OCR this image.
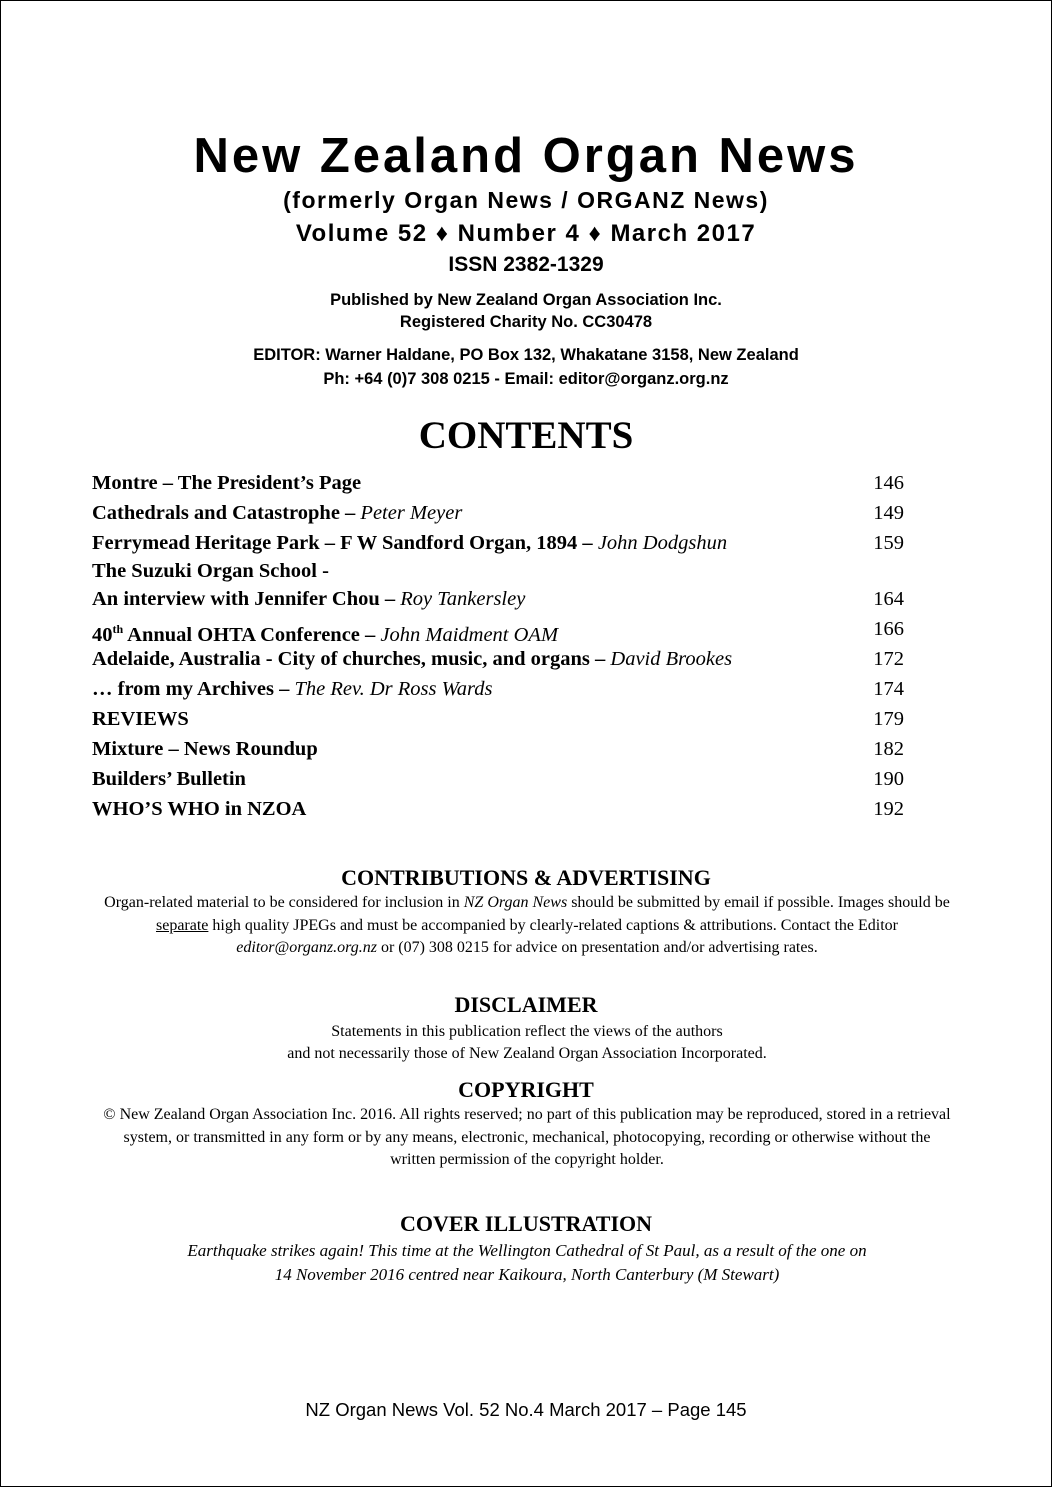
New Zealand Organ News
(formerly Organ News / ORGANZ News)
Volume 52 ♦ Number 4 ♦ March 2017
ISSN 2382-1329
Published by New Zealand Organ Association Inc.
Registered Charity No. CC30478
EDITOR: Warner Haldane, PO Box 132, Whakatane 3158, New Zealand
Ph: +64 (0)7 308 0215 - Email: editor@organz.org.nz
CONTENTS
Montre – The President’s Page	146
Cathedrals and Catastrophe – Peter Meyer	149
Ferrymead Heritage Park – F W Sandford Organ, 1894 – John Dodgshun	159
The Suzuki Organ School -
An interview with Jennifer Chou – Roy Tankersley	164
40th Annual OHTA Conference – John Maidment OAM	166
Adelaide, Australia - City of churches, music, and organs – David Brookes	172
… from my Archives – The Rev. Dr Ross Wards	174
REVIEWS	179
Mixture – News Roundup	182
Builders’ Bulletin	190
WHO’S WHO in NZOA	192
CONTRIBUTIONS & ADVERTISING
Organ-related material to be considered for inclusion in NZ Organ News should be submitted by email if possible. Images should be separate high quality JPEGs and must be accompanied by clearly-related captions & attributions. Contact the Editor editor@organz.org.nz or (07) 308 0215 for advice on presentation and/or advertising rates.
DISCLAIMER
Statements in this publication reflect the views of the authors
and not necessarily those of New Zealand Organ Association Incorporated.
COPYRIGHT
© New Zealand Organ Association Inc. 2016. All rights reserved; no part of this publication may be reproduced, stored in a retrieval system, or transmitted in any form or by any means, electronic, mechanical, photocopying, recording or otherwise without the written permission of the copyright holder.
COVER ILLUSTRATION
Earthquake strikes again! This time at the Wellington Cathedral of St Paul, as a result of the one on
14 November 2016 centred near Kaikoura, North Canterbury (M Stewart)
NZ Organ News Vol. 52 No.4 March 2017 – Page 145
